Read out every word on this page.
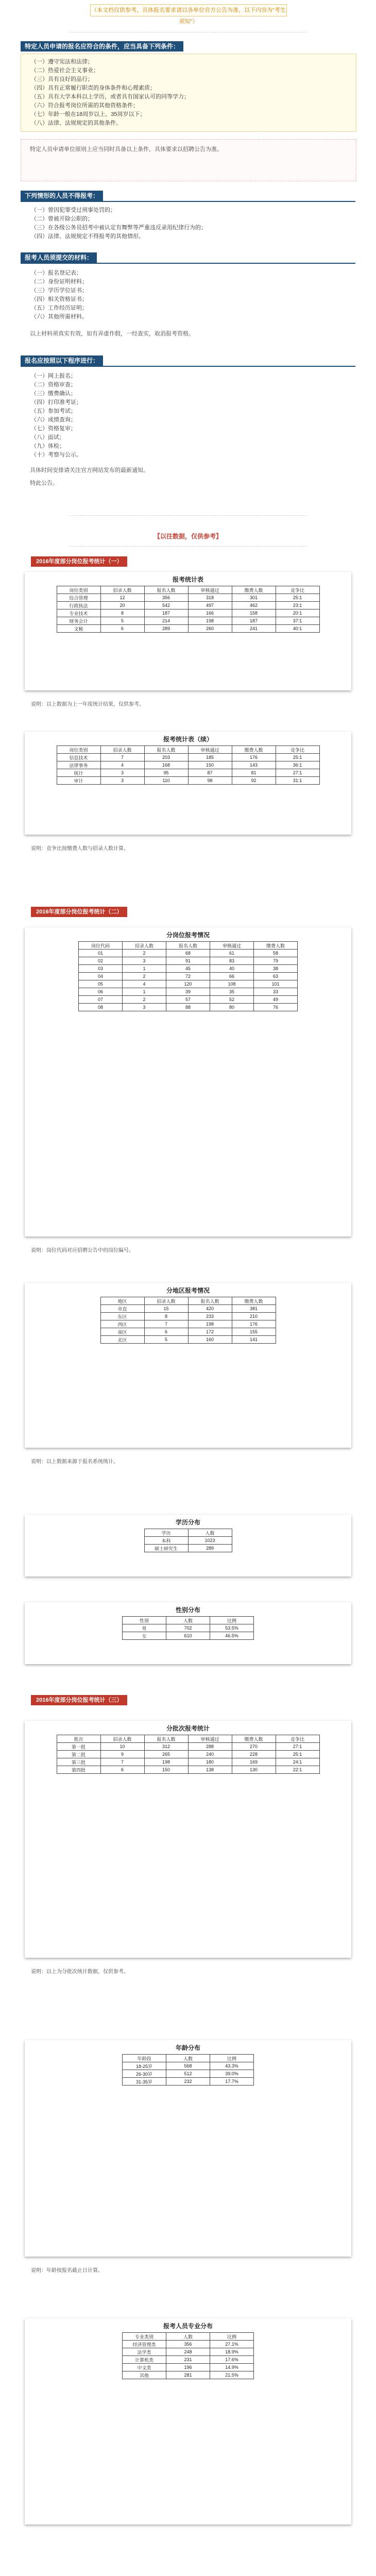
（本文档仅供参考，具体报名要求请以各单位官方公告为准，以下内容为“考生须知”）
特定人员申请的报名应符合的条件，应当具备下列条件：
（一）遵守宪法和法律；
（二）热爱社会主义事业；
（三）具有良好的品行；
（四）具有正常履行职责的身体条件和心理素质；
（五）具有大学本科以上学历，或者具有国家认可的同等学力；
（六）符合报考岗位所需的其他资格条件；
（七）年龄一般在18周岁以上、35周岁以下；
（八）法律、法规规定的其他条件。
特定人员申请单位原则上应当同时具备以上条件，具体要求以招聘公告为准。
下列情形的人员不得报考：
（一）曾因犯罪受过刑事处罚的；
（二）曾被开除公职的；
（三）在各级公务员招考中被认定有舞弊等严重违反录用纪律行为的；
（四）法律、法规规定不得报考的其他情形。
报考人员须提交的材料：
（一）报名登记表；
（二）身份证明材料；
（三）学历学位证书；
（四）相关资格证书；
（五）工作经历证明；
（六）其他所需材料。
以上材料须真实有效，如有弄虚作假，一经查实，取消报考资格。
报名应按照以下程序进行：
（一）网上报名；
（二）资格审查；
（三）缴费确认；
（四）打印准考证；
（五）参加考试；
（六）成绩查询；
（七）资格复审；
（八）面试；
（九）体检；
（十）考察与公示。
具体时间安排请关注官方网站发布的最新通知。
特此公告。
【以往数据，仅供参考】
2016年度部分岗位报考统计（一）
报考统计表
岗位类别	招录人数	报名人数	审核通过	缴费人数	竞争比
综合管理	12	356	318	301	25:1
行政执法	20	542	497	462	23:1
专业技术	8	187	166	158	20:1
财务会计	5	214	198	187	37:1
文秘	6	289	260	241	40:1
说明：以上数据为上一年度统计结果，仅供参考。
报考统计表（续）
岗位类别	招录人数	报名人数	审核通过	缴费人数	竞争比
信息技术	7	203	185	176	25:1
法律事务	4	168	150	143	36:1
统计	3	95	87	81	27:1
审计	3	110	98	92	31:1
说明：竞争比按缴费人数与招录人数计算。
2016年度部分岗位报考统计（二）
分岗位报考情况
岗位代码	招录人数	报名人数	审核通过	缴费人数
01	2	68	61	58
02	3	91	83	79
03	1	45	40	38
04	2	72	66	63
05	4	120	108	101
06	1	39	35	33
07	2	57	52	49
08	3	88	80	76
说明：岗位代码对应招聘公告中的岗位编号。
分地区报考情况
地区	招录人数	报名人数	缴费人数
市直	15	420	381
东区	8	233	210
西区	7	198	176
南区	6	172	155
北区	5	160	141
说明：以上数据来源于报名系统统计。
学历分布
学历	人数
本科	1023
硕士研究生	289
性别分布
性别	人数	比例
男	702	53.5%
女	610	46.5%
2016年度部分岗位报考统计（三）
分批次报考统计
批次	招录人数	报名人数	审核通过	缴费人数	竞争比
第一批	10	312	288	270	27:1
第二批	9	265	240	228	25:1
第三批	7	198	180	169	24:1
第四批	6	150	138	130	22:1
说明：以上为分批次统计数据，仅供参考。
年龄分布
年龄段	人数	比例
18-25岁	568	43.3%
26-30岁	512	39.0%
31-35岁	232	17.7%
说明：年龄按报名截止日计算。
报考人员专业分布
专业类别	人数	比例
经济管理类	356	27.1%
法学类	248	18.9%
计算机类	231	17.6%
中文类	196	14.9%
其他	281	21.5%
